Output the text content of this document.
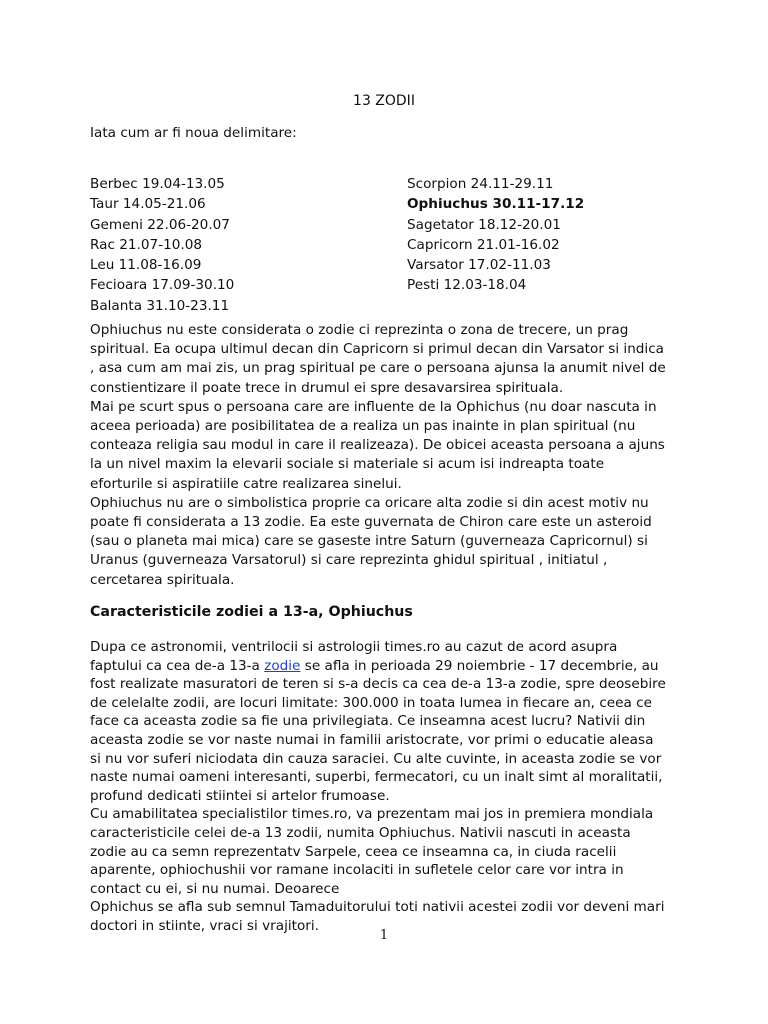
13 ZODII
Iata cum ar fi noua delimitare:
Berbec 19.04-13.05
Taur 14.05-21.06
Gemeni 22.06-20.07
Rac 21.07-10.08
Leu 11.08-16.09
Fecioara 17.09-30.10
Balanta 31.10-23.11
Scorpion 24.11-29.11
Ophiuchus 30.11-17.12
Sagetator 18.12-20.01
Capricorn 21.01-16.02
Varsator 17.02-11.03
Pesti 12.03-18.04

Ophiuchus nu este considerata o zodie ci reprezinta o zona de trecere, un prag

spiritual. Ea ocupa ultimul decan din Capricorn si primul decan din Varsator si indica

, asa cum am mai zis, un prag spiritual pe care o persoana ajunsa la anumit nivel de

constientizare il poate trece in drumul ei spre desavarsirea spirituala.

Mai pe scurt spus o persoana care are influente de la Ophichus (nu doar nascuta in

aceea perioada) are posibilitatea de a realiza un pas inainte in plan spiritual (nu

conteaza religia sau modul in care il realizeaza). De obicei aceasta persoana a ajuns

la un nivel maxim la elevarii sociale si materiale si acum isi indreapta toate

eforturile si aspiratiile catre realizarea sinelui.

Ophiuchus nu are o simbolistica proprie ca oricare alta zodie si din acest motiv nu

poate fi considerata a 13 zodie. Ea este guvernata de Chiron care este un asteroid

(sau o planeta mai mica) care se gaseste intre Saturn (guverneaza Capricornul) si

Uranus (guverneaza Varsatorul) si care reprezinta ghidul spiritual , initiatul ,

cercetarea spirituala.

Caracteristicile zodiei a 13-a, Ophiuchus

Dupa ce astronomii, ventrilocii si astrologii times.ro au cazut de acord asupra

faptului ca cea de-a 13-a zodie se afla in perioada 29 noiembrie - 17 decembrie, au

fost realizate masuratori de teren si s-a decis ca cea de-a 13-a zodie, spre deosebire

de celelalte zodii, are locuri limitate: 300.000 in toata lumea in fiecare an, ceea ce

face ca aceasta zodie sa fie una privilegiata. Ce inseamna acest lucru? Nativii din

aceasta zodie se vor naste numai in familii aristocrate, vor primi o educatie aleasa

si nu vor suferi niciodata din cauza saraciei. Cu alte cuvinte, in aceasta zodie se vor

naste numai oameni interesanti, superbi, fermecatori, cu un inalt simt al moralitatii,

profund dedicati stiintei si artelor frumoase.

Cu amabilitatea specialistilor times.ro, va prezentam mai jos in premiera mondiala

caracteristicile celei de-a 13 zodii, numita Ophiuchus. Nativii nascuti in aceasta

zodie au ca semn reprezentatv Sarpele, ceea ce inseamna ca, in ciuda racelii

aparente, ophiochushii vor ramane incolaciti in sufletele celor care vor intra in

contact cu ei, si nu numai. Deoarece

Ophichus se afla sub semnul Tamaduitorului toti nativii acestei zodii vor deveni mari

doctori in stiinte, vraci si vrajitori.

1
